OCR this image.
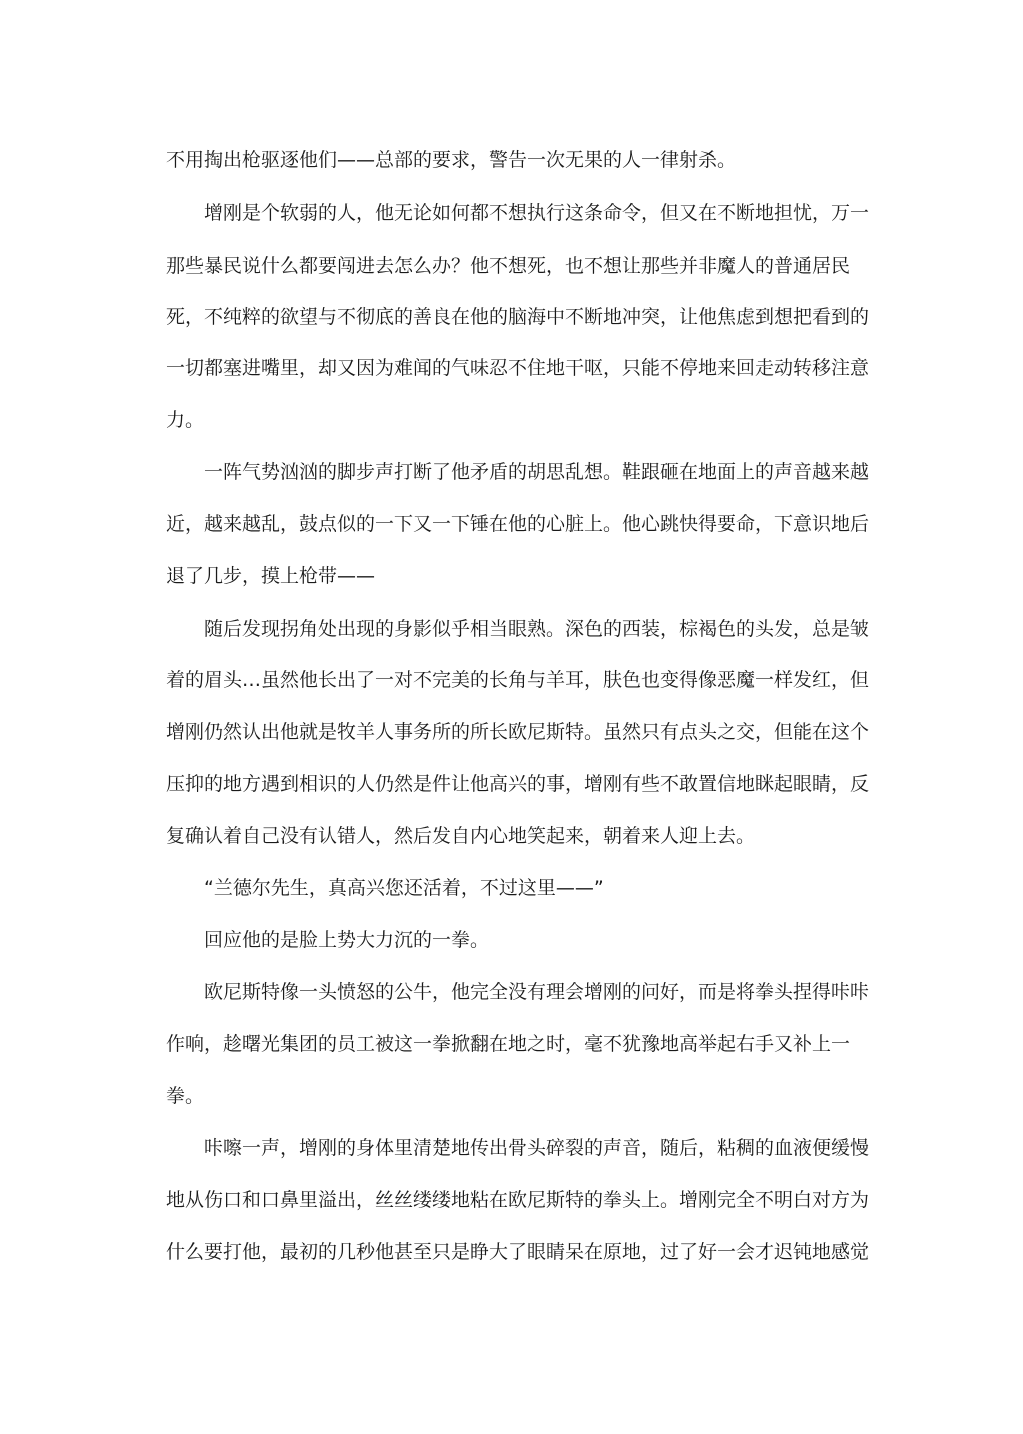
不用掏出枪驱逐他们——总部的要求，警告一次无果的人一律射杀。
增刚是个软弱的人，他无论如何都不想执行这条命令，但又在不断地担忧，万一
那些暴民说什么都要闯进去怎么办？他不想死，也不想让那些并非魔人的普通居民
死，不纯粹的欲望与不彻底的善良在他的脑海中不断地冲突，让他焦虑到想把看到的
一切都塞进嘴里，却又因为难闻的气味忍不住地干呕，只能不停地来回走动转移注意
力。
一阵气势汹汹的脚步声打断了他矛盾的胡思乱想。鞋跟砸在地面上的声音越来越
近，越来越乱，鼓点似的一下又一下锤在他的心脏上。他心跳快得要命，下意识地后
退了几步，摸上枪带——
随后发现拐角处出现的身影似乎相当眼熟。深色的西装，棕褐色的头发，总是皱
着的眉头…虽然他长出了一对不完美的长角与羊耳，肤色也变得像恶魔一样发红，但
增刚仍然认出他就是牧羊人事务所的所长欧尼斯特。虽然只有点头之交，但能在这个
压抑的地方遇到相识的人仍然是件让他高兴的事，增刚有些不敢置信地眯起眼睛，反
复确认着自己没有认错人，然后发自内心地笑起来，朝着来人迎上去。
“兰德尔先生，真高兴您还活着，不过这里——”
回应他的是脸上势大力沉的一拳。
欧尼斯特像一头愤怒的公牛，他完全没有理会增刚的问好，而是将拳头捏得咔咔
作响，趁曙光集团的员工被这一拳掀翻在地之时，毫不犹豫地高举起右手又补上一
拳。
咔嚓一声，增刚的身体里清楚地传出骨头碎裂的声音，随后，粘稠的血液便缓慢
地从伤口和口鼻里溢出，丝丝缕缕地粘在欧尼斯特的拳头上。增刚完全不明白对方为
什么要打他，最初的几秒他甚至只是睁大了眼睛呆在原地，过了好一会才迟钝地感觉
